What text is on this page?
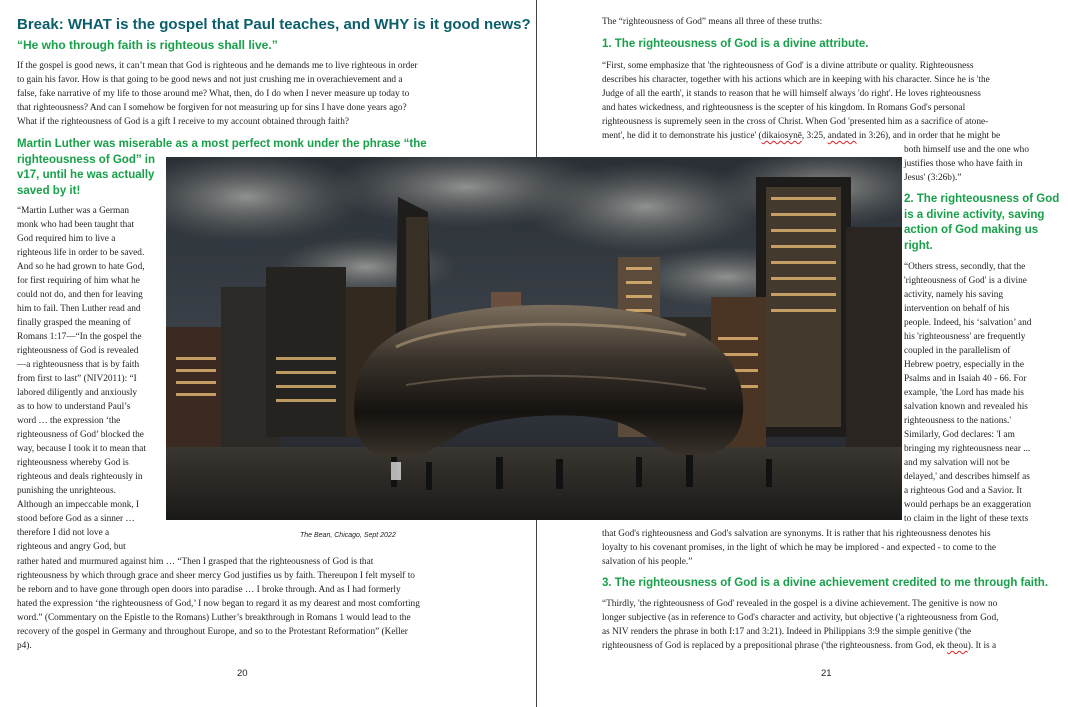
Break: WHAT is the gospel that Paul teaches, and WHY is it good news?
“He who through faith is righteous shall live.”
If the gospel is good news, it can’t mean that God is righteous and he demands me to live righteous in order
to gain his favor. How is that going to be good news and not just crushing me in overachievement and a
false, fake narrative of my life to those around me? What, then, do I do when I never measure up today to
that righteousness? And can I somehow be forgiven for not measuring up for sins I have done years ago?
What if the righteousness of God is a gift I receive to my account obtained through faith?
Martin Luther was miserable as a most perfect monk under the phrase “the
righteousness of God” in
v17, until he was actually
saved by it!
“Martin Luther was a German
monk who had been taught that
God required him to live a
righteous life in order to be saved.
And so he had grown to hate God,
for first requiring of him what he
could not do, and then for leaving
him to fail. Then Luther read and
finally grasped the meaning of
Romans 1:17—“In the gospel the
righteousness of God is revealed
—a righteousness that is by faith
from first to last” (NIV2011): “I
labored diligently and anxiously
as to how to understand Paul’s
word … the expression ‘the
righteousness of God’ blocked the
way, because I took it to mean that
righteousness whereby God is
righteous and deals righteously in
punishing the unrighteous.
Although an impeccable monk, I
stood before God as a sinner …
therefore I did not love a
righteous and angry God, but
rather hated and murmured against him … “Then I grasped that the righteousness of God is that
righteousness by which through grace and sheer mercy God justifies us by faith. Thereupon I felt myself to
be reborn and to have gone through open doors into paradise … I broke through. And as I had formerly
hated the expression ‘the righteousness of God,’ I now began to regard it as my dearest and most comforting
word.” (Commentary on the Epistle to the Romans) Luther’s breakthrough in Romans 1 would lead to the
recovery of the gospel in Germany and throughout Europe, and so to the Protestant Reformation” (Keller
p4).
The Bean, Chicago, Sept 2022
20
The “righteousness of God” means all three of these truths:
1. The righteousness of God is a divine attribute.
“First, some emphasize that 'the righteousness of God' is a divine attribute or quality. Righteousness
describes his character, together with his actions which are in keeping with his character. Since he is 'the
Judge of all the earth', it stands to reason that he will himself always 'do right'. He loves righteousness
and hates wickedness, and righteousness is the scepter of his kingdom. In Romans God's personal
righteousness is supremely seen in the cross of Christ. When God 'presented him as a sacrifice of atone-
ment', he did it to demonstrate his justice' (dikaiosynē, 3:25, andated in 3:26), and in order that he might be
both himself use and the one who
justifies those who have faith in
Jesus' (3:26b).”
2. The righteousness of God
is a divine activity, saving
action of God making us
right.
“Others stress, secondly, that the
'righteousness of God' is a divine
activity, namely his saving
intervention on behalf of his
people. Indeed, his ‘salvation’ and
his 'righteousness' are frequently
coupled in the parallelism of
Hebrew poetry, especially in the
Psalms and in Isaiah 40 - 66. For
example, 'the Lord has made his
salvation known and revealed his
righteousness to the nations.'
Similarly, God declares: 'I am
bringing my righteousness near ...
and my salvation will not be
delayed,' and describes himself as
a righteous God and a Savior. It
would perhaps be an exaggeration
to claim in the light of these texts
that God's righteousness and God's salvation are synonyms. It is rather that his righteousness denotes his
loyalty to his covenant promises, in the light of which he may be implored - and expected - to come to the
salvation of his people.”
3. The righteousness of God is a divine achievement credited to me through faith.
“Thirdly, 'the righteousness of God' revealed in the gospel is a divine achievement. The genitive is now no
longer subjective (as in reference to God's character and activity, but objective ('a righteousness from God,
as NIV renders the phrase in both I:17 and 3:21). Indeed in Philippians 3:9 the simple genitive ('the
righteousness of God is replaced by a prepositional phrase ('the righteousness. from God, ek theou). It is a
21
